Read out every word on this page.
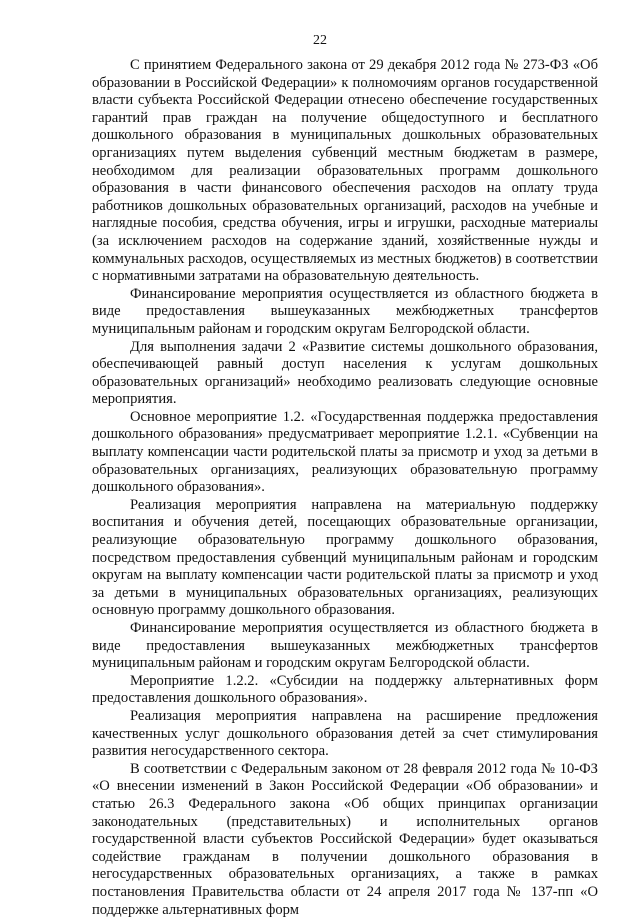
22

С принятием Федерального закона от 29 декабря 2012 года № 273-ФЗ «Об образовании в Российской Федерации» к полномочиям органов государственной власти субъекта Российской Федерации отнесено обеспечение государственных гарантий прав граждан на получение общедоступного и бесплатного дошкольного образования в муниципальных дошкольных образовательных организациях путем выделения субвенций местным бюджетам в размере, необходимом для реализации образовательных программ дошкольного образования в части финансового обеспечения расходов на оплату труда работников дошкольных образовательных организаций, расходов на учебные и наглядные пособия, средства обучения, игры и игрушки, расходные материалы (за исключением расходов на содержание зданий, хозяйственные нужды и коммунальных расходов, осуществляемых из местных бюджетов) в соответствии с нормативными затратами на образовательную деятельность.

Финансирование мероприятия осуществляется из областного бюджета в виде предоставления вышеуказанных межбюджетных трансфертов муниципальным районам и городским округам Белгородской области.

Для выполнения задачи 2 «Развитие системы дошкольного образования, обеспечивающей равный доступ населения к услугам дошкольных образовательных организаций» необходимо реализовать следующие основные мероприятия.

Основное мероприятие 1.2. «Государственная поддержка предоставления дошкольного образования» предусматривает мероприятие 1.2.1. «Субвенции на выплату компенсации части родительской платы за присмотр и уход за детьми в образовательных организациях, реализующих образовательную программу дошкольного образования».

Реализация мероприятия направлена на материальную поддержку воспитания и обучения детей, посещающих образовательные организации, реализующие образовательную программу дошкольного образования, посредством предоставления субвенций муниципальным районам и городским округам на выплату компенсации части родительской платы за присмотр и уход за детьми в муниципальных образовательных организациях, реализующих основную программу дошкольного образования.

Финансирование мероприятия осуществляется из областного бюджета в виде предоставления вышеуказанных межбюджетных трансфертов муниципальным районам и городским округам Белгородской области.

Мероприятие 1.2.2. «Субсидии на поддержку альтернативных форм предоставления дошкольного образования».

Реализация мероприятия направлена на расширение предложения качественных услуг дошкольного образования детей за счет стимулирования развития негосударственного сектора.

В соответствии с Федеральным законом от 28 февраля 2012 года № 10-ФЗ «О внесении изменений в Закон Российской Федерации «Об образовании» и статью 26.3 Федерального закона «Об общих принципах организации законодательных (представительных) и исполнительных органов государственной власти субъектов Российской Федерации» будет оказываться содействие гражданам в получении дошкольного образования в негосударственных образовательных организациях, а также в рамках постановления Правительства области от 24 апреля 2017 года № 137-пп «О поддержке альтернативных форм
